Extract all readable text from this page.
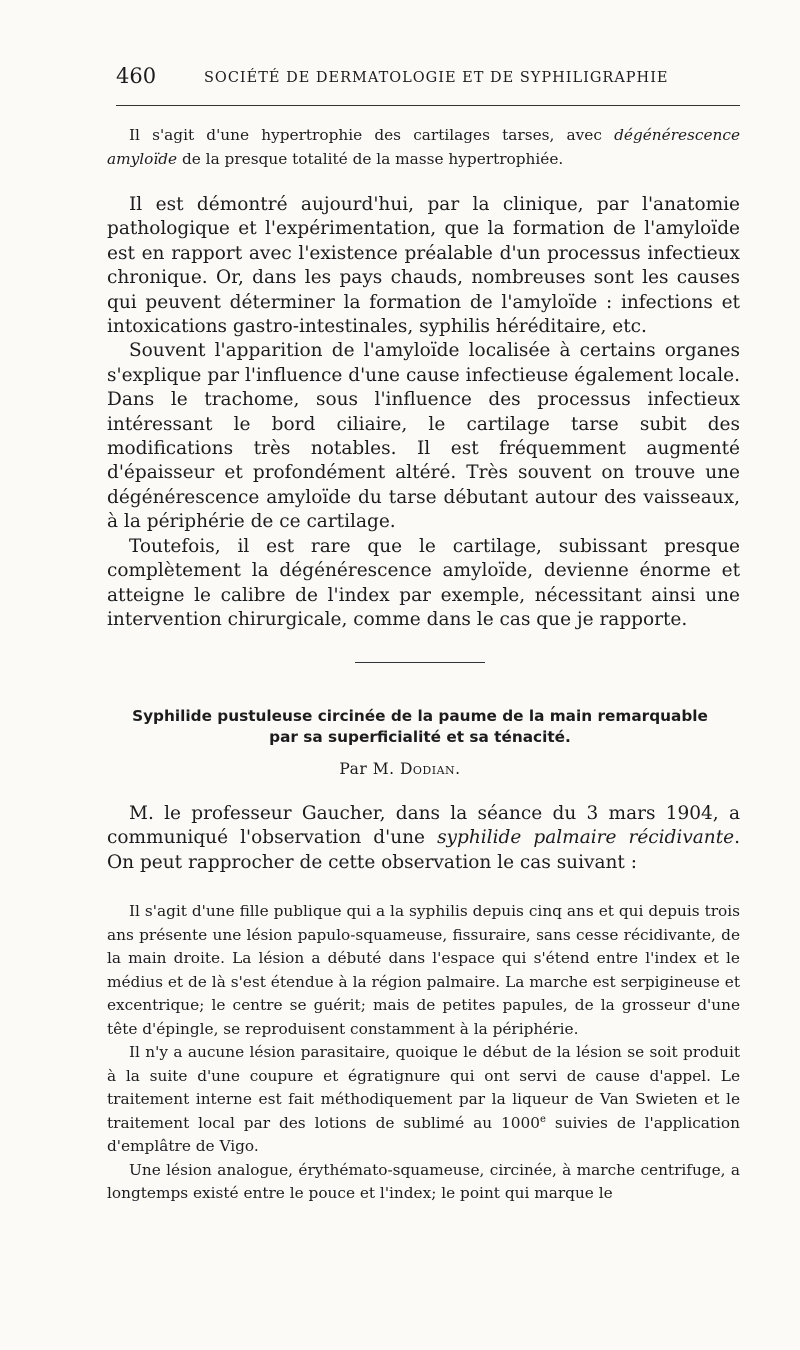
460	SOCIÉTÉ DE DERMATOLOGIE ET DE SYPHILIGRAPHIE

Il s'agit d'une hypertrophie des cartilages tarses, avec dégénérescence amyloïde de la presque totalité de la masse hypertrophiée.

Il est démontré aujourd'hui, par la clinique, par l'anatomie pathologique et l'expérimentation, que la formation de l'amyloïde est en rapport avec l'existence préalable d'un processus infectieux chronique. Or, dans les pays chauds, nombreuses sont les causes qui peuvent déterminer la formation de l'amyloïde : infections et intoxications gastro-intestinales, syphilis héréditaire, etc.

Souvent l'apparition de l'amyloïde localisée à certains organes s'explique par l'influence d'une cause infectieuse également locale. Dans le trachome, sous l'influence des processus infectieux intéressant le bord ciliaire, le cartilage tarse subit des modifications très notables. Il est fréquemment augmenté d'épaisseur et profondément altéré. Très souvent on trouve une dégénérescence amyloïde du tarse débutant autour des vaisseaux, à la périphérie de ce cartilage.

Toutefois, il est rare que le cartilage, subissant presque complètement la dégénérescence amyloïde, devienne énorme et atteigne le calibre de l'index par exemple, nécessitant ainsi une intervention chirurgicale, comme dans le cas que je rapporte.

Syphilide pustuleuse circinée de la paume de la main remarquable
par sa superficialité et sa ténacité.
Par M. Dodian.

M. le professeur Gaucher, dans la séance du 3 mars 1904, a communiqué l'observation d'une syphilide palmaire récidivante. On peut rapprocher de cette observation le cas suivant :

Il s'agit d'une fille publique qui a la syphilis depuis cinq ans et qui depuis trois ans présente une lésion papulo-squameuse, fissuraire, sans cesse récidivante, de la main droite. La lésion a débuté dans l'espace qui s'étend entre l'index et le médius et de là s'est étendue à la région palmaire. La marche est serpigineuse et excentrique; le centre se guérit; mais de petites papules, de la grosseur d'une tête d'épingle, se reproduisent constamment à la périphérie.

Il n'y a aucune lésion parasitaire, quoique le début de la lésion se soit produit à la suite d'une coupure et égratignure qui ont servi de cause d'appel. Le traitement interne est fait méthodiquement par la liqueur de Van Swieten et le traitement local par des lotions de sublimé au 1000e suivies de l'application d'emplâtre de Vigo.

Une lésion analogue, érythémato-squameuse, circinée, à marche centrifuge, a longtemps existé entre le pouce et l'index; le point qui marque le
